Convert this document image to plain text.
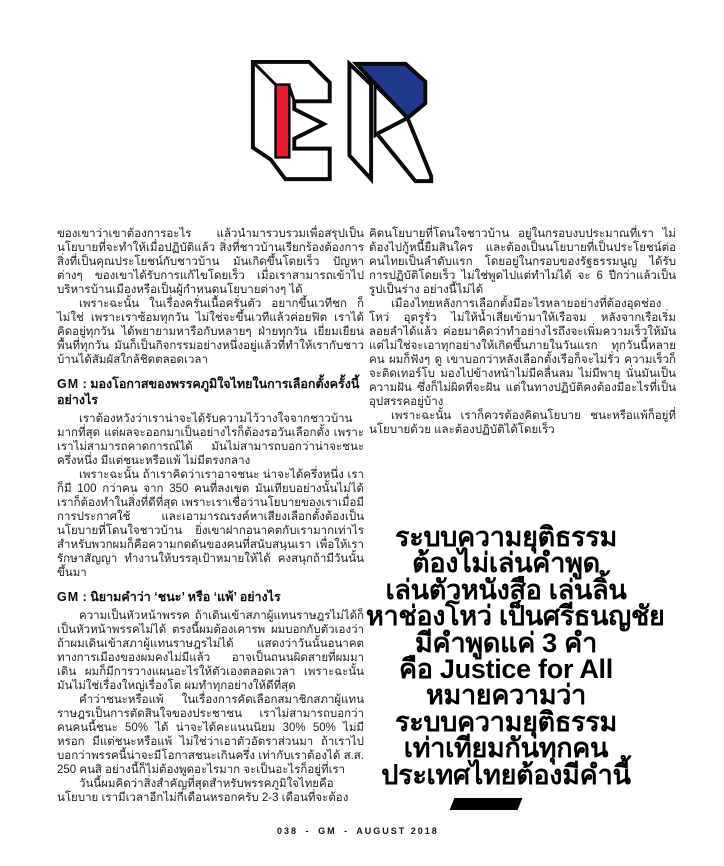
ของเขาว่าเขาต้องการอะไร แล้วนำมารวบรวมเพื่อสรุปเป็นนโยบายที่จะทำให้เมื่อปฏิบัติแล้ว สิ่งที่ชาวบ้านเรียกร้องต้องการ สิ่งที่เป็นคุณประโยชน์กับชาวบ้าน มันเกิดขึ้นโดยเร็ว ปัญหาต่างๆ ของเขาได้รับการแก้ไขโดยเร็ว เมื่อเราสามารถเข้าไปบริหารบ้านเมืองหรือเป็นผู้กำหนดนโยบายต่างๆ ได้

เพราะฉะนั้น ในเรื่องครั่นเนื้อครั่นตัว อยากขึ้นเวทีชก ก็ไม่ใช่ เพราะเราซ้อมทุกวัน ไม่ใช่จะขึ้นเวทีแล้วค่อยฟิต เราได้คิดอยู่ทุกวัน ได้พยายามหารือกับหลายๆ ฝ่ายทุกวัน เยี่ยมเยียนพื้นที่ทุกวัน มันก็เป็นกิจกรรมอย่างหนึ่งอยู่แล้วที่ทำให้เรากับชาวบ้านได้สัมผัสใกล้ชิดตลอดเวลา

GM : มองโอกาสของพรรคภูมิใจไทยในการเลือกตั้งครั้งนี้อย่างไร

เราต้องหวังว่าเราน่าจะได้รับความไว้วางใจจากชาวบ้านมากที่สุด แต่ผลจะออกมาเป็นอย่างไรก็ต้องรอวันเลือกตั้ง เพราะเราไม่สามารถคาดการณ์ได้ มันไม่สามารถบอกว่าน่าจะชนะครึ่งหนึ่ง มีแต่ชนะหรือแพ้ ไม่มีตรงกลาง

เพราะฉะนั้น ถ้าเราคิดว่าเราอาจชนะ น่าจะได้ครึ่งหนึ่ง เราก็มี 100 กว่าคน จาก 350 คนที่ลงเขต มันเทียบอย่างนั้นไม่ได้ เราก็ต้องทำในสิ่งที่ดีที่สุด เพราะเราเชื่อว่านโยบายของเราเมื่อมีการประกาศใช้ และเอามารณรงค์หาเสียงเลือกตั้งต้องเป็นนโยบายที่โดนใจชาวบ้าน ยิ่งเขาฝากอนาคตกับเรามากเท่าไร สำหรับพวกผมก็คือความกดดันของคนที่สนับสนุนเรา เพื่อให้เรารักษาสัญญา ทำงานให้บรรลุเป้าหมายให้ได้ คงสนุกถ้ามีวันนั้นขึ้นมา

GM : นิยามคำว่า ‘ชนะ’ หรือ ‘แพ้’ อย่างไร

ความเป็นหัวหน้าพรรค ถ้าเดินเข้าสภาผู้แทนราษฎรไม่ได้ก็เป็นหัวหน้าพรรคไม่ได้ ตรงนี้ผมต้องเคารพ ผมบอกกับตัวเองว่า ถ้าผมเดินเข้าสภาผู้แทนราษฎรไม่ได้ แสดงว่าวันนั้นอนาคตทางการเมืองของผมคงไม่มีแล้ว อาจเป็นถนนผิดสายที่ผมมาเดิน ผมก็มีการวางแผนอะไรให้ตัวเองตลอดเวลา เพราะฉะนั้น มันไม่ใช่เรื่องใหญ่เรื่องโต ผมทำทุกอย่างให้ดีที่สุด

คำว่าชนะหรือแพ้ ในเรื่องการคัดเลือกสมาชิกสภาผู้แทนราษฎรเป็นการตัดสินใจของประชาชน เราไม่สามารถบอกว่าคนคนนี้ชนะ 50% ได้ น่าจะได้คะแนนนิยม 30% 50% ไม่มีหรอก มีแต่ชนะหรือแพ้ ไม่ใช่ว่าเอาตัวอัตราส่วนมา ถ้าเราไปบอกว่าพรรคนี้น่าจะมีโอกาสชนะเกินครึ่ง เท่ากับเราต้องได้ ส.ส. 250 คนสิ อย่างนี้ก็ไม่ต้องพูดอะไรมาก จะเป็นอะไรก็อยู่ที่เรา

วันนี้ผมคิดว่าสิ่งสำคัญที่สุดสำหรับพรรคภูมิใจไทยคือนโยบาย เรามีเวลาอีกไม่กี่เดือนหรอกครับ 2-3 เดือนที่จะต้อง

คิดนโยบายที่โดนใจชาวบ้าน อยู่ในกรอบงบประมาณที่เรา ไม่ต้องไปกู้หนี้ยืมสินใคร และต้องเป็นนโยบายที่เป็นประโยชน์ต่อคนไทยเป็นลำดับแรก โดยอยู่ในกรอบของรัฐธรรมนูญ ได้รับการปฏิบัติโดยเร็ว ไม่ใช่พูดไปแต่ทำไม่ได้ จะ 6 ปีกว่าแล้วเป็นรูปเป็นร่าง อย่างนี้ไม่ได้

เมืองไทยหลังการเลือกตั้งมีอะไรหลายอย่างที่ต้องอุดช่องโหว่ อุดรูรั่ว ไม่ให้น้ำเสียเข้ามาให้เรือจม หลังจากเรือเริ่มลอยลำได้แล้ว ค่อยมาคิดว่าทำอย่างไรถึงจะเพิ่มความเร็วให้มัน แต่ไม่ใช่จะเอาทุกอย่างให้เกิดขึ้นภายในวันแรก ทุกวันนี้หลายคน ผมก็ฟังๆ ดู เขาบอกว่าหลังเลือกตั้งเรือก็จะไม่รั่ว ความเร็วก็จะติดเทอร์โบ มองไปข้างหน้าไม่มีคลื่นลม ไม่มีพายุ นั่นมันเป็นความฝัน ซึ่งก็ไม่ผิดที่จะฝัน แต่ในทางปฏิบัติคงต้องมีอะไรที่เป็นอุปสรรคอยู่บ้าง

เพราะฉะนั้น เราก็ควรต้องคิดนโยบาย ชนะหรือแพ้ก็อยู่ที่นโยบายด้วย และต้องปฏิบัติได้โดยเร็ว

ระบบความยุติธรรม
ต้องไม่เล่นคำพูด
เล่นตัวหนังสือ เล่นลิ้น
หาช่องโหว่ เป็นศรีธนญชัย
มีคำพูดแค่ 3 คำ
คือ Justice for All
หมายความว่า
ระบบความยุติธรรม
เท่าเทียมกันทุกคน
ประเทศไทยต้องมีคำนี้
038 - GM - AUGUST 2018
